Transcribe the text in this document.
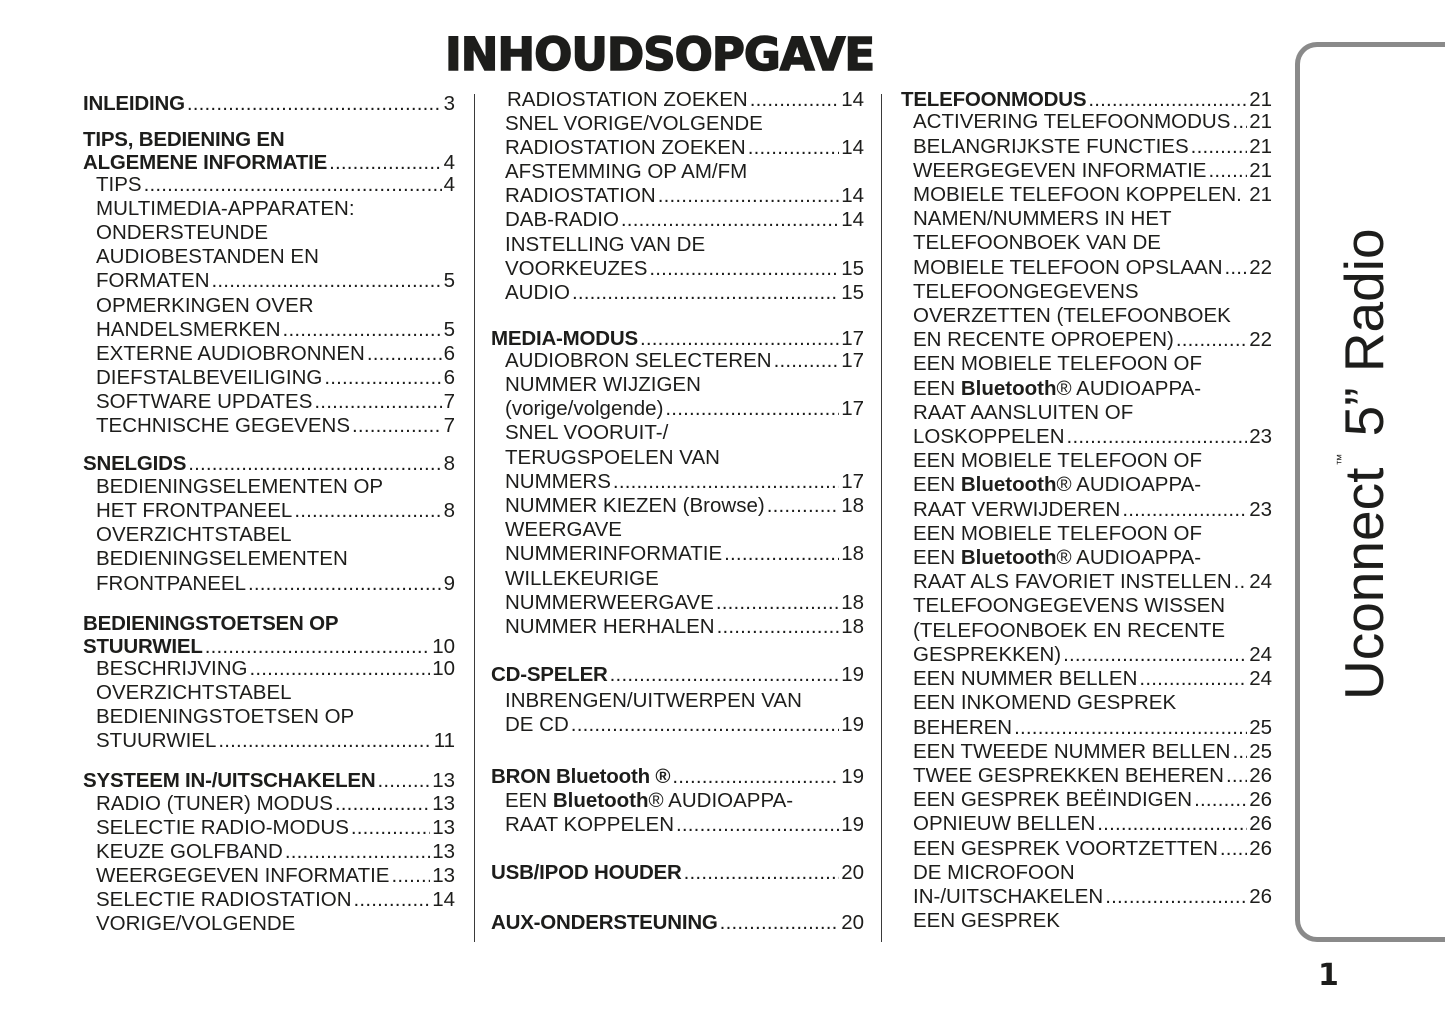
INHOUDSOPGAVE
INLEIDING .....	3
TIPS, BEDIENING EN
ALGEMENE INFORMATIE .....	4
TIPS .....	4
MULTIMEDIA-APPARATEN:
ONDERSTEUNDE
AUDIOBESTANDEN EN
FORMATEN .....	5
OPMERKINGEN OVER
HANDELSMERKEN .....	5
EXTERNE AUDIOBRONNEN .....	6
DIEFSTALBEVEILIGING .....	6
SOFTWARE UPDATES .....	7
TECHNISCHE GEGEVENS .....	7
SNELGIDS .....	8
BEDIENINGSELEMENTEN OP
HET FRONTPANEEL .....	8
OVERZICHTSTABEL
BEDIENINGSELEMENTEN
FRONTPANEEL .....	9
BEDIENINGSTOETSEN OP
STUURWIEL .....	10
BESCHRIJVING .....	10
OVERZICHTSTABEL
BEDIENINGSTOETSEN OP
STUURWIEL .....	11
SYSTEEM IN-/UITSCHAKELEN .....	13
RADIO (TUNER) MODUS .....	13
SELECTIE RADIO-MODUS .....	13
KEUZE GOLFBAND .....	13
WEERGEGEVEN INFORMATIE ..... 13
SELECTIE RADIOSTATION .....	14
VORIGE/VOLGENDE
RADIOSTATION ZOEKEN .....	14
SNEL VORIGE/VOLGENDE
RADIOSTATION ZOEKEN .....	14
AFSTEMMING OP AM/FM
RADIOSTATION .....	14
DAB-RADIO .....	14
INSTELLING VAN DE
VOORKEUZES .....	15
AUDIO .....	15
MEDIA-MODUS .....	17
AUDIOBRON SELECTEREN .....	17
NUMMER WIJZIGEN
(vorige/volgende) .....	17
SNEL VOORUIT-/
TERUGSPOELEN VAN
NUMMERS .....	17
NUMMER KIEZEN (Browse) .....	18
WEERGAVE
NUMMERINFORMATIE .....	18
WILLEKEURIGE
NUMMERWEERGAVE .....	18
NUMMER HERHALEN .....	18
CD-SPELER .....	19
INBRENGEN/UITWERPEN VAN
DE CD .....	19
BRON Bluetooth ® .....	19
EEN Bluetooth® AUDIOAPPA-
RAAT KOPPELEN .....	19
USB/IPOD HOUDER .....	20
AUX-ONDERSTEUNING .....	20
TELEFOONMODUS .....	21
ACTIVERING TELEFOONMODUS ..... 21
BELANGRIJKSTE FUNCTIES .....	21
WEERGEGEVEN INFORMATIE ..... 21
MOBIELE TELEFOON KOPPELEN. 21
NAMEN/NUMMERS IN HET
TELEFOONBOEK VAN DE
MOBIELE TELEFOON OPSLAAN ..... 22
TELEFOONGEGEVENS
OVERZETTEN (TELEFOONBOEK
EN RECENTE OPROEPEN) .....	22
EEN MOBIELE TELEFOON OF
EEN Bluetooth® AUDIOAPPA-
RAAT AANSLUITEN OF
LOSKOPPELEN .....	23
EEN MOBIELE TELEFOON OF
EEN Bluetooth® AUDIOAPPA-
RAAT VERWIJDEREN .....	23
EEN MOBIELE TELEFOON OF
EEN Bluetooth® AUDIOAPPA-
RAAT ALS FAVORIET INSTELLEN ..... 24
TELEFOONGEGEVENS WISSEN
(TELEFOONBOEK EN RECENTE
GESPREKKEN) .....	24
EEN NUMMER BELLEN .....	24
EEN INKOMEND GESPREK
BEHEREN .....	25
EEN TWEEDE NUMMER BELLEN ..... 25
TWEE GESPREKKEN BEHEREN ..... 26
EEN GESPREK BEËINDIGEN .....	26
OPNIEUW BELLEN .....	26
EEN GESPREK VOORTZETTEN ..... 26
DE MICROFOON
IN-/UITSCHAKELEN .....	26
EEN GESPREK
Uconnect™ 5” Radio
1
